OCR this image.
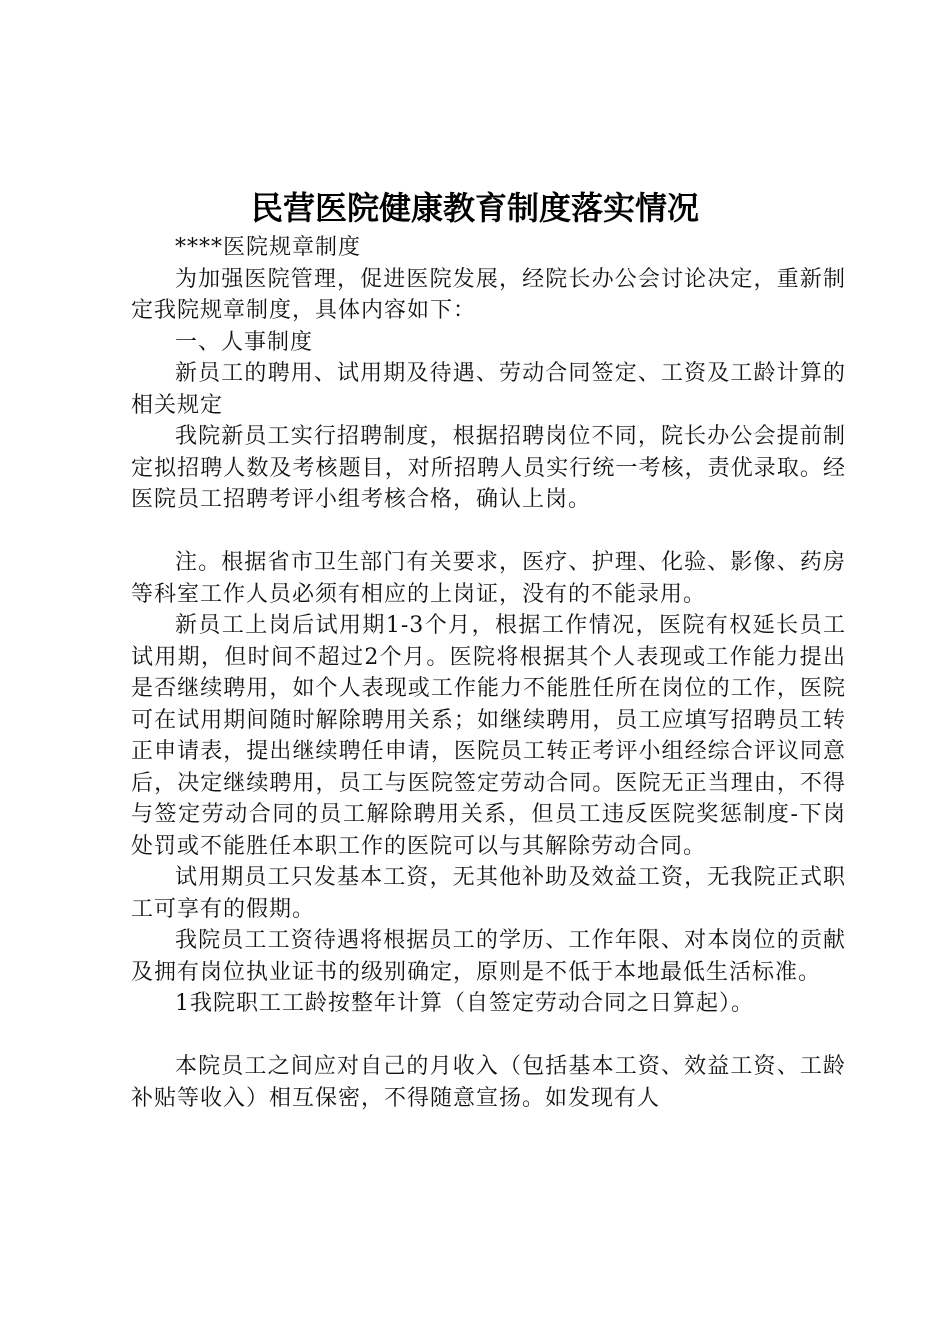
民营医院健康教育制度落实情况

****医院规章制度

为加强医院管理，促进医院发展，经院长办公会讨论决定，重新制定我院规章制度，具体内容如下：

一、人事制度

新员工的聘用、试用期及待遇、劳动合同签定、工资及工龄计算的相关规定

我院新员工实行招聘制度，根据招聘岗位不同，院长办公会提前制定拟招聘人数及考核题目，对所招聘人员实行统一考核，责优录取。经医院员工招聘考评小组考核合格，确认上岗。

注。根据省市卫生部门有关要求，医疗、护理、化验、影像、药房等科室工作人员必须有相应的上岗证，没有的不能录用。

新员工上岗后试用期1-3个月，根据工作情况，医院有权延长员工试用期，但时间不超过2个月。医院将根据其个人表现或工作能力提出是否继续聘用，如个人表现或工作能力不能胜任所在岗位的工作，医院可在试用期间随时解除聘用关系；如继续聘用，员工应填写招聘员工转正申请表，提出继续聘任申请，医院员工转正考评小组经综合评议同意后，决定继续聘用，员工与医院签定劳动合同。医院无正当理由，不得与签定劳动合同的员工解除聘用关系，但员工违反医院奖惩制度-下岗处罚或不能胜任本职工作的医院可以与其解除劳动合同。

试用期员工只发基本工资，无其他补助及效益工资，无我院正式职工可享有的假期。

我院员工工资待遇将根据员工的学历、工作年限、对本岗位的贡献及拥有岗位执业证书的级别确定，原则是不低于本地最低生活标准。

1我院职工工龄按整年计算（自签定劳动合同之日算起）。

本院员工之间应对自己的月收入（包括基本工资、效益工资、工龄补贴等收入）相互保密，不得随意宣扬。如发现有人
